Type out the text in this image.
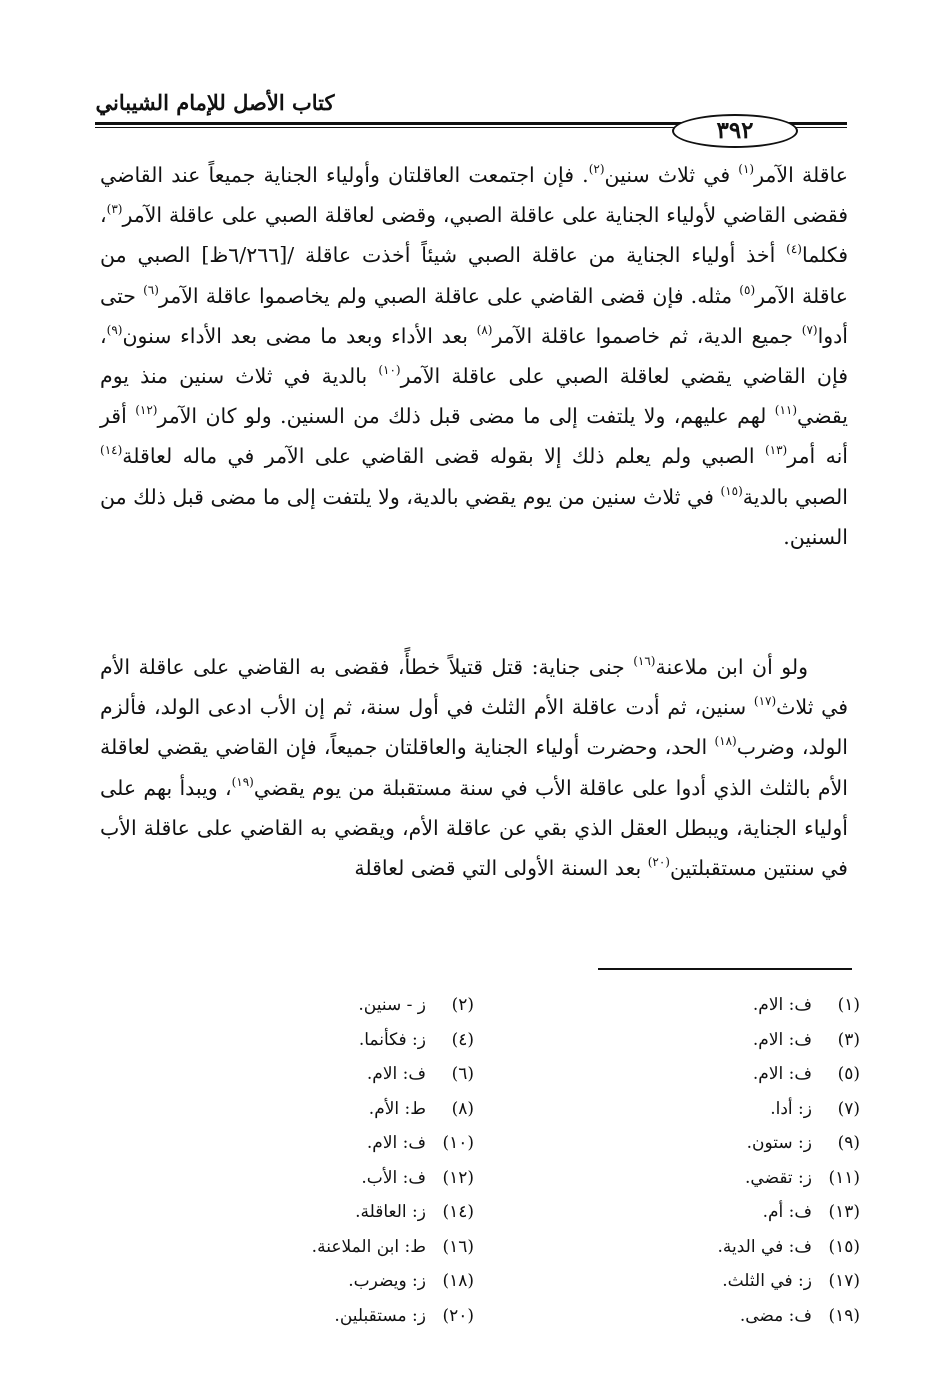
كتاب الأصل للإمام الشيباني
٣٩٢
عاقلة الآمر$^{(١)}$ في ثلاث سنين$^{(٢)}$. فإن اجتمعت العاقلتان وأولياء الجناية جميعاً عند القاضي فقضى القاضي لأولياء الجناية على عاقلة الصبي، وقضى لعاقلة الصبي على عاقلة الآمر$^{(٣)}$، فكلما$^{(٤)}$ أخذ أولياء الجناية من عاقلة الصبي شيئاً أخذت عاقلة /[٦/٢٦٦ظ] الصبي من عاقلة الآمر$^{(٥)}$ مثله. فإن قضى القاضي على عاقلة الصبي ولم يخاصموا عاقلة الآمر$^{(٦)}$ حتى أدوا$^{(٧)}$ جميع الدية، ثم خاصموا عاقلة الآمر$^{(٨)}$ بعد الأداء وبعد ما مضى بعد الأداء سنون$^{(٩)}$، فإن القاضي يقضي لعاقلة الصبي على عاقلة الآمر$^{(١٠)}$ بالدية في ثلاث سنين منذ يوم يقضي$^{(١١)}$ لهم عليهم، ولا يلتفت إلى ما مضى قبل ذلك من السنين. ولو كان الآمر$^{(١٢)}$ أقر أنه أمر$^{(١٣)}$ الصبي ولم يعلم ذلك إلا بقوله قضى القاضي على الآمر في ماله لعاقلة$^{(١٤)}$ الصبي بالدية$^{(١٥)}$ في ثلاث سنين من يوم يقضي بالدية، ولا يلتفت إلى ما مضى قبل ذلك من السنين.
ولو أن ابن ملاعنة$^{(١٦)}$ جنى جناية: قتل قتيلاً خطأً، فقضى به القاضي على عاقلة الأم في ثلاث$^{(١٧)}$ سنين، ثم أدت عاقلة الأم الثلث في أول سنة، ثم إن الأب ادعى الولد، فألزم الولد، وضرب$^{(١٨)}$ الحد، وحضرت أولياء الجناية والعاقلتان جميعاً، فإن القاضي يقضي لعاقلة الأم بالثلث الذي أدوا على عاقلة الأب في سنة مستقبلة من يوم يقضي$^{(١٩)}$، ويبدأ بهم على أولياء الجناية، ويبطل العقل الذي بقي عن عاقلة الأم، ويقضي به القاضي على عاقلة الأب في سنتين مستقبلتين$^{(٢٠)}$ بعد السنة الأولى التي قضى لعاقلة
(١)ف: الام.
(٣)ف: الام.
(٥)ف: الام.
(٧)ز: أدا.
(٩)ز: ستون.
(١١)ز: تقضي.
(١٣)ف: أم.
(١٥)ف: في الدية.
(١٧)ز: في الثلث.
(١٩)ف: مضى.
(٢)ز - سنين.
(٤)ز: فكأنما.
(٦)ف: الام.
(٨)ط: الأم.
(١٠)ف: الام.
(١٢)ف: الأب.
(١٤)ز: العاقلة.
(١٦)ط: ابن الملاعنة.
(١٨)ز: ويضرب.
(٢٠)ز: مستقبلين.
